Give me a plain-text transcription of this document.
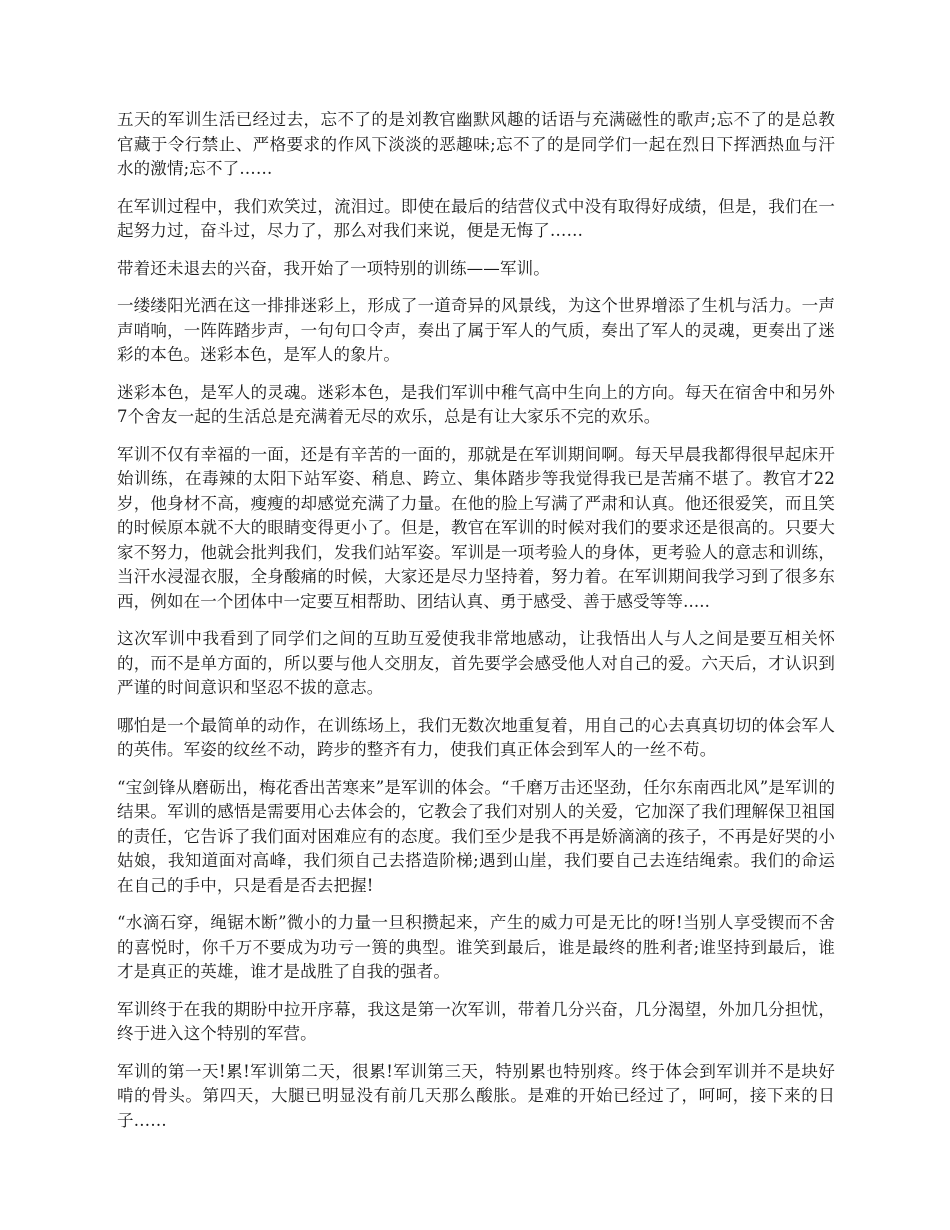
五天的军训生活已经过去，忘不了的是刘教官幽默风趣的话语与充满磁性的歌声;忘不了的是总教官藏于令行禁止、严格要求的作风下淡淡的恶趣味;忘不了的是同学们一起在烈日下挥洒热血与汗水的激情;忘不了……

在军训过程中，我们欢笑过，流泪过。即使在最后的结营仪式中没有取得好成绩，但是，我们在一起努力过，奋斗过，尽力了，那么对我们来说，便是无悔了……

带着还未退去的兴奋，我开始了一项特别的训练——军训。

一缕缕阳光洒在这一排排迷彩上，形成了一道奇异的风景线，为这个世界增添了生机与活力。一声声哨响，一阵阵踏步声，一句句口令声，奏出了属于军人的气质，奏出了军人的灵魂，更奏出了迷彩的本色。迷彩本色，是军人的象片。

迷彩本色，是军人的灵魂。迷彩本色，是我们军训中稚气高中生向上的方向。每天在宿舍中和另外7个舍友一起的生活总是充满着无尽的欢乐，总是有让大家乐不完的欢乐。

军训不仅有幸福的一面，还是有辛苦的一面的，那就是在军训期间啊。每天早晨我都得很早起床开始训练，在毒辣的太阳下站军姿、稍息、跨立、集体踏步等我觉得我已是苦痛不堪了。教官才22岁，他身材不高，瘦瘦的却感觉充满了力量。在他的脸上写满了严肃和认真。他还很爱笑，而且笑的时候原本就不大的眼睛变得更小了。但是，教官在军训的时候对我们的要求还是很高的。只要大家不努力，他就会批判我们，发我们站军姿。军训是一项考验人的身体，更考验人的意志和训练，当汗水浸湿衣服，全身酸痛的时候，大家还是尽力坚持着，努力着。在军训期间我学习到了很多东西，例如在一个团体中一定要互相帮助、团结认真、勇于感受、善于感受等等.....

这次军训中我看到了同学们之间的互助互爱使我非常地感动，让我悟出人与人之间是要互相关怀的，而不是单方面的，所以要与他人交朋友，首先要学会感受他人对自己的爱。六天后，才认识到严谨的时间意识和坚忍不拔的意志。

哪怕是一个最简单的动作，在训练场上，我们无数次地重复着，用自己的心去真真切切的体会军人的英伟。军姿的纹丝不动，跨步的整齐有力，使我们真正体会到军人的一丝不苟。

“宝剑锋从磨砺出，梅花香出苦寒来”是军训的体会。“千磨万击还坚劲，任尔东南西北风”是军训的结果。军训的感悟是需要用心去体会的，它教会了我们对别人的关爱，它加深了我们理解保卫祖国的责任，它告诉了我们面对困难应有的态度。我们至少是我不再是娇滴滴的孩子，不再是好哭的小姑娘，我知道面对高峰，我们须自己去搭造阶梯;遇到山崖，我们要自己去连结绳索。我们的命运在自己的手中，只是看是否去把握!

“水滴石穿，绳锯木断”微小的力量一旦积攒起来，产生的威力可是无比的呀!当别人享受锲而不舍的喜悦时，你千万不要成为功亏一篑的典型。谁笑到最后，谁是最终的胜利者;谁坚持到最后，谁才是真正的英雄，谁才是战胜了自我的强者。

军训终于在我的期盼中拉开序幕，我这是第一次军训，带着几分兴奋，几分渴望，外加几分担忧，终于进入这个特别的军营。

军训的第一天!累!军训第二天，很累!军训第三天，特别累也特别疼。终于体会到军训并不是块好啃的骨头。第四天，大腿已明显没有前几天那么酸胀。是难的开始已经过了，呵呵，接下来的日子……
